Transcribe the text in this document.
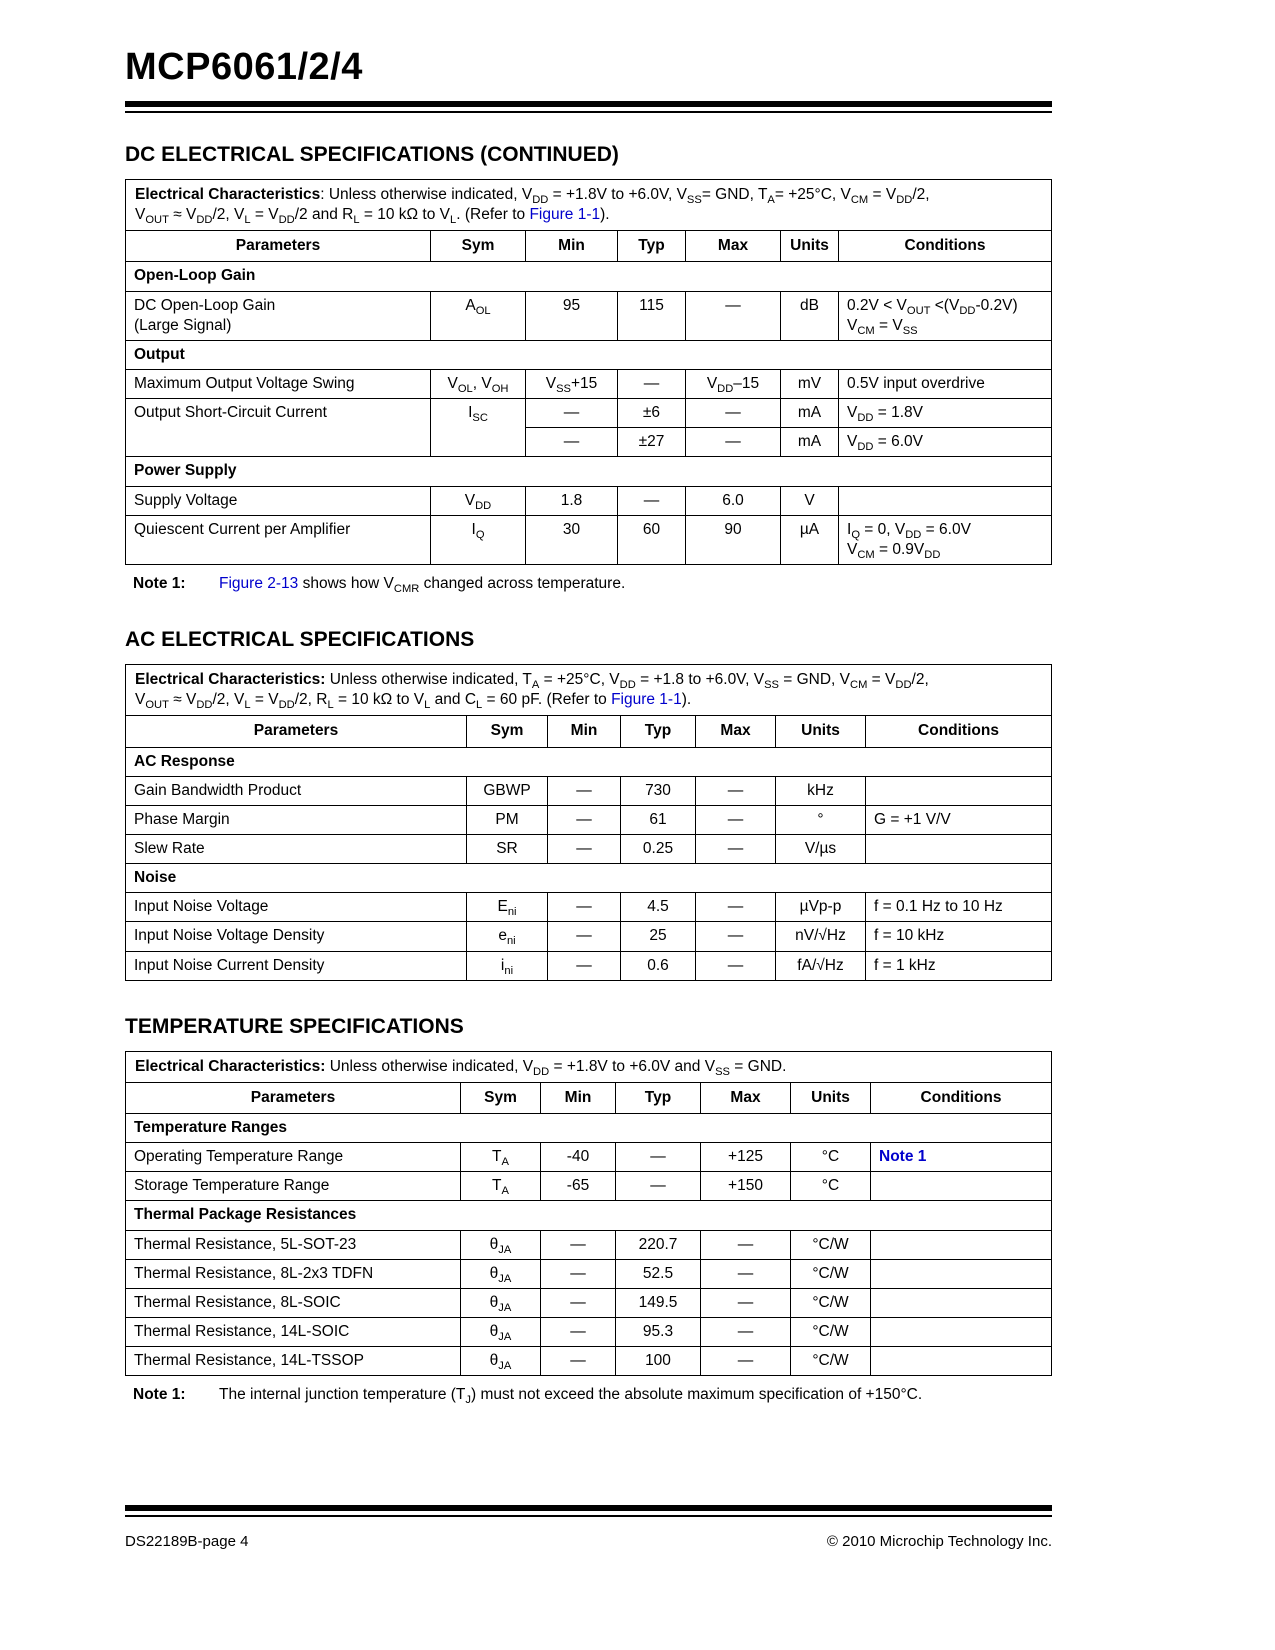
MCP6061/2/4
DC ELECTRICAL SPECIFICATIONS (CONTINUED)
Electrical Characteristics: Unless otherwise indicated, $V_{DD} = +1.8V$ to +6.0V, $V_{SS}=$ GND, $T_A= +25^\circ C$, $V_{CM} = V_{DD}/2$,
$V_{OUT} \approx V_{DD}/2$, $V_L = V_{DD}/2$ and $R_L = 10$ kΩ to $V_L$. (Refer to Figure 1-1).						
Parameters	Sym	Min	Typ	Max	Units	Conditions
Open-Loop Gain						
DC Open-Loop Gain
(Large Signal)	$A_{OL}$	95	115	—	dB	$0.2V < V_{OUT} <(V_{DD}-0.2V)$
$V_{CM} = V_{SS}$
Output						
Maximum Output Voltage Swing	$V_{OL}$, $V_{OH}$	$V_{SS}+15$	—	$V_{DD}-15$	mV	0.5V input overdrive
Output Short-Circuit Current	$I_{SC}$	—	±6	—	mA	$V_{DD} = 1.8V$
		—	±27	—	mA	$V_{DD} = 6.0V$
Power Supply						
Supply Voltage	$V_{DD}$	1.8	—	6.0	V	
Quiescent Current per Amplifier	$I_Q$	30	60	90	µA	$I_Q = 0$, $V_{DD} = 6.0V$
$V_{CM} = 0.9V_{DD}$
Note 1:	Figure 2-13 shows how $V_{CMR}$ changed across temperature.
AC ELECTRICAL SPECIFICATIONS
Electrical Characteristics: Unless otherwise indicated, $T_A = +25^\circ C$, $V_{DD} = +1.8$ to +6.0V, $V_{SS}$ = GND, $V_{CM} = V_{DD}/2$,
$V_{OUT} \approx V_{DD}/2$, $V_L = V_{DD}/2$, $R_L = 10$ kΩ to $V_L$ and $C_L = 60$ pF. (Refer to Figure 1-1).						
Parameters	Sym	Min	Typ	Max	Units	Conditions
AC Response						
Gain Bandwidth Product	GBWP	—	730	—	kHz	
Phase Margin	PM	—	61	—	°	G = +1 V/V
Slew Rate	SR	—	0.25	—	V/µs	
Noise						
Input Noise Voltage	$E_{ni}$	—	4.5	—	µVp-p	f = 0.1 Hz to 10 Hz
Input Noise Voltage Density	$e_{ni}$	—	25	—	nV/√Hz	f = 10 kHz
Input Noise Current Density	$i_{ni}$	—	0.6	—	fA/√Hz	f = 1 kHz
TEMPERATURE SPECIFICATIONS
Electrical Characteristics: Unless otherwise indicated, $V_{DD} = +1.8V$ to +6.0V and $V_{SS}$ = GND.						
Parameters	Sym	Min	Typ	Max	Units	Conditions
Temperature Ranges						
Operating Temperature Range	$T_A$	-40	—	+125	°C	Note 1
Storage Temperature Range	$T_A$	-65	—	+150	°C	
Thermal Package Resistances						
Thermal Resistance, 5L-SOT-23	$\theta_{JA}$	—	220.7	—	°C/W	
Thermal Resistance, 8L-2x3 TDFN	$\theta_{JA}$	—	52.5	—	°C/W	
Thermal Resistance, 8L-SOIC	$\theta_{JA}$	—	149.5	—	°C/W	
Thermal Resistance, 14L-SOIC	$\theta_{JA}$	—	95.3	—	°C/W	
Thermal Resistance, 14L-TSSOP	$\theta_{JA}$	—	100	—	°C/W	
Note 1:	The internal junction temperature $(T_J)$ must not exceed the absolute maximum specification of +150°C.
DS22189B-page 4	© 2010 Microchip Technology Inc.
